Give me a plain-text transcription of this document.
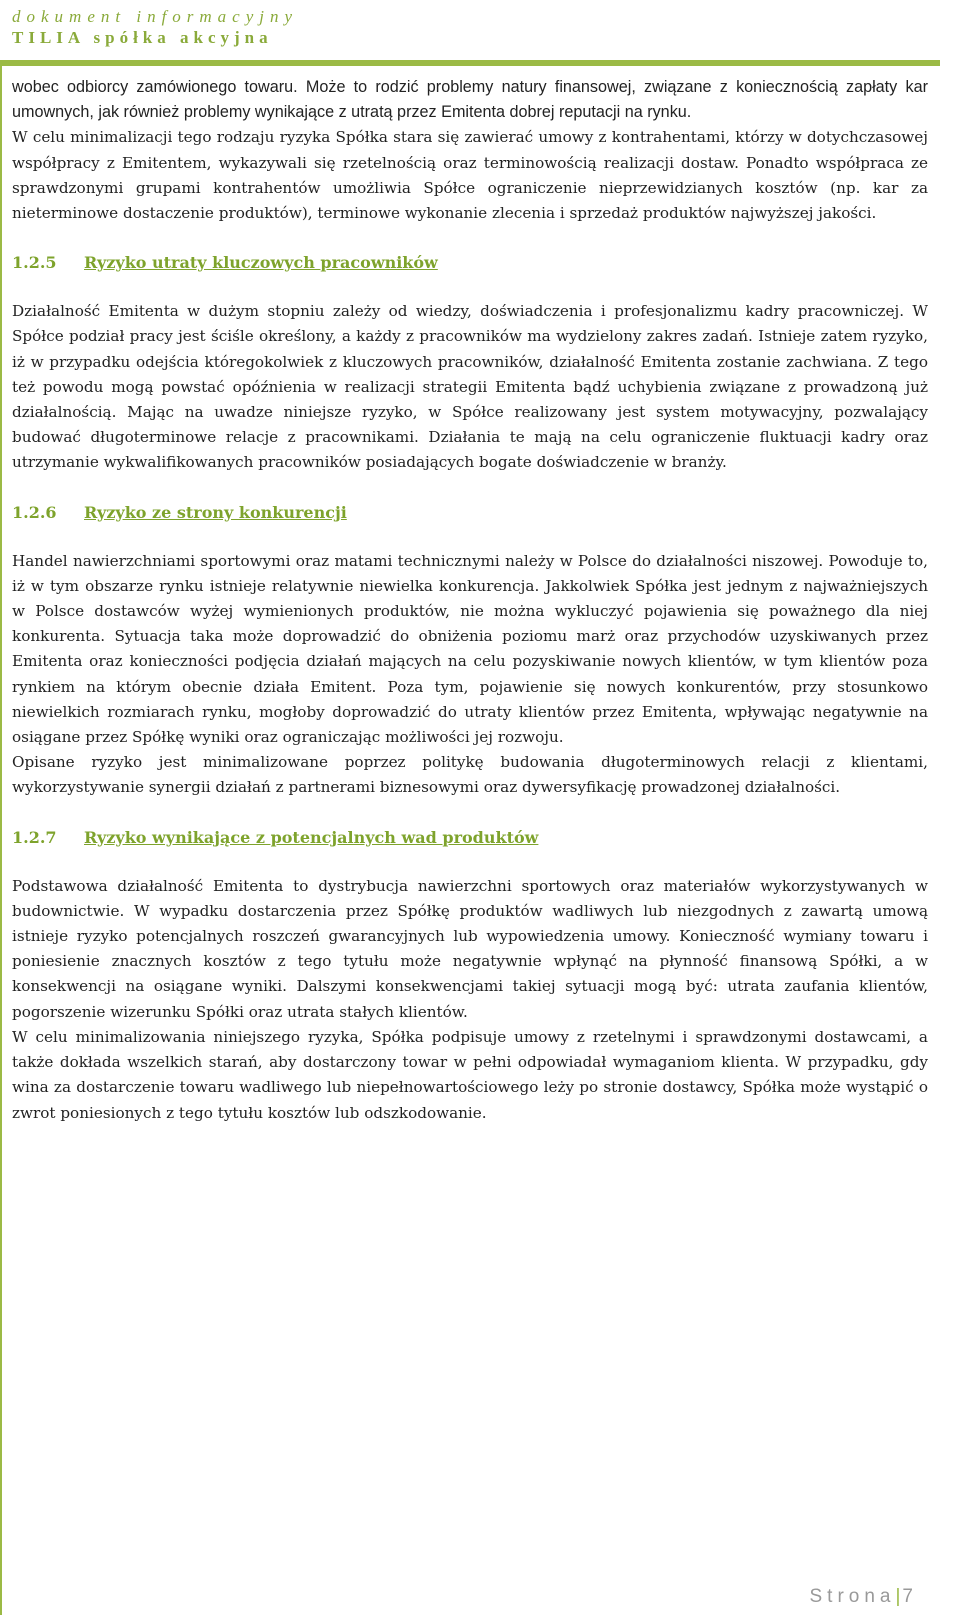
dokument informacyjny
TILIA spółka akcyjna

wobec odbiorcy zamówionego towaru. Może to rodzić problemy natury finansowej, związane z koniecznością zapłaty kar umownych, jak również problemy wynikające z utratą przez Emitenta dobrej reputacji na rynku.

W celu minimalizacji tego rodzaju ryzyka Spółka stara się zawierać umowy z kontrahentami, którzy w dotychczasowej współpracy z Emitentem, wykazywali się rzetelnością oraz terminowością realizacji dostaw. Ponadto współpraca ze sprawdzonymi grupami kontrahentów umożliwia Spółce ograniczenie nieprzewidzianych kosztów (np. kar za nieterminowe dostaczenie produktów), terminowe wykonanie zlecenia i sprzedaż produktów najwyższej jakości.

1.2.5	Ryzyko utraty kluczowych pracowników

Działalność Emitenta w dużym stopniu zależy od wiedzy, doświadczenia i profesjonalizmu kadry pracowniczej. W Spółce podział pracy jest ściśle określony, a każdy z pracowników ma wydzielony zakres zadań. Istnieje zatem ryzyko, iż w przypadku odejścia któregokolwiek z kluczowych pracowników, działalność Emitenta zostanie zachwiana. Z tego też powodu mogą powstać opóźnienia w realizacji strategii Emitenta bądź uchybienia związane z prowadzoną już działalnością. Mając na uwadze niniejsze ryzyko, w Spółce realizowany jest system motywacyjny, pozwalający budować długoterminowe relacje z pracownikami. Działania te mają na celu ograniczenie fluktuacji kadry oraz utrzymanie wykwalifikowanych pracowników posiadających bogate doświadczenie w branży.

1.2.6	Ryzyko ze strony konkurencji

Handel nawierzchniami sportowymi oraz matami technicznymi należy w Polsce do działalności niszowej. Powoduje to, iż w tym obszarze rynku istnieje relatywnie niewielka konkurencja. Jakkolwiek Spółka jest jednym z najważniejszych w Polsce dostawców wyżej wymienionych produktów, nie można wykluczyć pojawienia się poważnego dla niej konkurenta. Sytuacja taka może doprowadzić do obniżenia poziomu marż oraz przychodów uzyskiwanych przez Emitenta oraz konieczności podjęcia działań mających na celu pozyskiwanie nowych klientów, w tym klientów poza rynkiem na którym obecnie działa Emitent. Poza tym, pojawienie się nowych konkurentów, przy stosunkowo niewielkich rozmiarach rynku, mogłoby doprowadzić do utraty klientów przez Emitenta, wpływając negatywnie na osiągane przez Spółkę wyniki oraz ograniczając możliwości jej rozwoju.

Opisane ryzyko jest minimalizowane poprzez politykę budowania długoterminowych relacji z klientami, wykorzystywanie synergii działań z partnerami biznesowymi oraz dywersyfikację prowadzonej działalności.

1.2.7	Ryzyko wynikające z potencjalnych wad produktów

Podstawowa działalność Emitenta to dystrybucja nawierzchni sportowych oraz materiałów wykorzystywanych w budownictwie. W wypadku dostarczenia przez Spółkę produktów wadliwych lub niezgodnych z zawartą umową istnieje ryzyko potencjalnych roszczeń gwarancyjnych lub wypowiedzenia umowy. Konieczność wymiany towaru i poniesienie znacznych kosztów z tego tytułu może negatywnie wpłynąć na płynność finansową Spółki, a w konsekwencji na osiągane wyniki. Dalszymi konsekwencjami takiej sytuacji mogą być: utrata zaufania klientów, pogorszenie wizerunku Spółki oraz utrata stałych klientów.

W celu minimalizowania niniejszego ryzyka, Spółka podpisuje umowy z rzetelnymi i sprawdzonymi dostawcami, a także dokłada wszelkich starań, aby dostarczony towar w pełni odpowiadał wymaganiom klienta. W przypadku, gdy wina za dostarczenie towaru wadliwego lub niepełnowartościowego leży po stronie dostawcy, Spółka może wystąpić o zwrot poniesionych z tego tytułu kosztów lub odszkodowanie.

Strona|7
